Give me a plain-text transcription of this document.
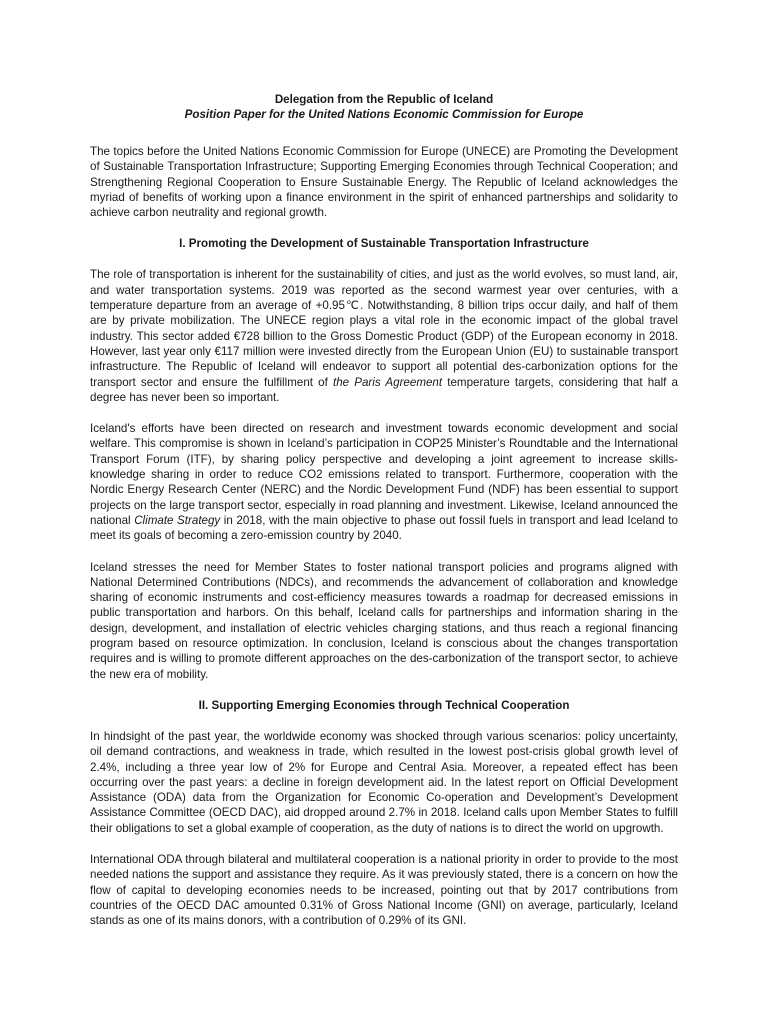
Delegation from the Republic of Iceland

Position Paper for the United Nations Economic Commission for Europe

The topics before the United Nations Economic Commission for Europe (UNECE) are Promoting the Development of Sustainable Transportation Infrastructure; Supporting Emerging Economies through Technical Cooperation; and Strengthening Regional Cooperation to Ensure Sustainable Energy. The Republic of Iceland acknowledges the myriad of benefits of working upon a finance environment in the spirit of enhanced partnerships and solidarity to achieve carbon neutrality and regional growth.

I. Promoting the Development of Sustainable Transportation Infrastructure

The role of transportation is inherent for the sustainability of cities, and just as the world evolves, so must land, air, and water transportation systems. 2019 was reported as the second warmest year over centuries, with a temperature departure from an average of +0.95℃. Notwithstanding, 8 billion trips occur daily, and half of them are by private mobilization. The UNECE region plays a vital role in the economic impact of the global travel industry. This sector added €728 billion to the Gross Domestic Product (GDP) of the European economy in 2018. However, last year only €117 million were invested directly from the European Union (EU) to sustainable transport infrastructure. The Republic of Iceland will endeavor to support all potential des-carbonization options for the transport sector and ensure the fulfillment of the Paris Agreement temperature targets, considering that half a degree has never been so important.

Iceland's efforts have been directed on research and investment towards economic development and social welfare. This compromise is shown in Iceland’s participation in COP25 Minister’s Roundtable and the International Transport Forum (ITF), by sharing policy perspective and developing a joint agreement to increase skills-knowledge sharing in order to reduce CO2 emissions related to transport. Furthermore, cooperation with the Nordic Energy Research Center (NERC) and the Nordic Development Fund (NDF) has been essential to support projects on the large transport sector, especially in road planning and investment. Likewise, Iceland announced the national Climate Strategy in 2018, with the main objective to phase out fossil fuels in transport and lead Iceland to meet its goals of becoming a zero-emission country by 2040.

Iceland stresses the need for Member States to foster national transport policies and programs aligned with National Determined Contributions (NDCs), and recommends the advancement of collaboration and knowledge sharing of economic instruments and cost-efficiency measures towards a roadmap for decreased emissions in public transportation and harbors. On this behalf, Iceland calls for partnerships and information sharing in the design, development, and installation of electric vehicles charging stations, and thus reach a regional financing program based on resource optimization. In conclusion, Iceland is conscious about the changes transportation requires and is willing to promote different approaches on the des-carbonization of the transport sector, to achieve the new era of mobility.

II. Supporting Emerging Economies through Technical Cooperation

In hindsight of the past year, the worldwide economy was shocked through various scenarios: policy uncertainty, oil demand contractions, and weakness in trade, which resulted in the lowest post-crisis global growth level of 2.4%, including a three year low of 2% for Europe and Central Asia. Moreover, a repeated effect has been occurring over the past years: a decline in foreign development aid. In the latest report on Official Development Assistance (ODA) data from the Organization for Economic Co-operation and Development’s Development Assistance Committee (OECD DAC), aid dropped around 2.7% in 2018. Iceland calls upon Member States to fulfill their obligations to set a global example of cooperation, as the duty of nations is to direct the world on upgrowth.

International ODA through bilateral and multilateral cooperation is a national priority in order to provide to the most needed nations the support and assistance they require. As it was previously stated, there is a concern on how the flow of capital to developing economies needs to be increased, pointing out that by 2017 contributions from countries of the OECD DAC amounted 0.31% of Gross National Income (GNI) on average, particularly, Iceland stands as one of its mains donors, with a contribution of 0.29% of its GNI.
